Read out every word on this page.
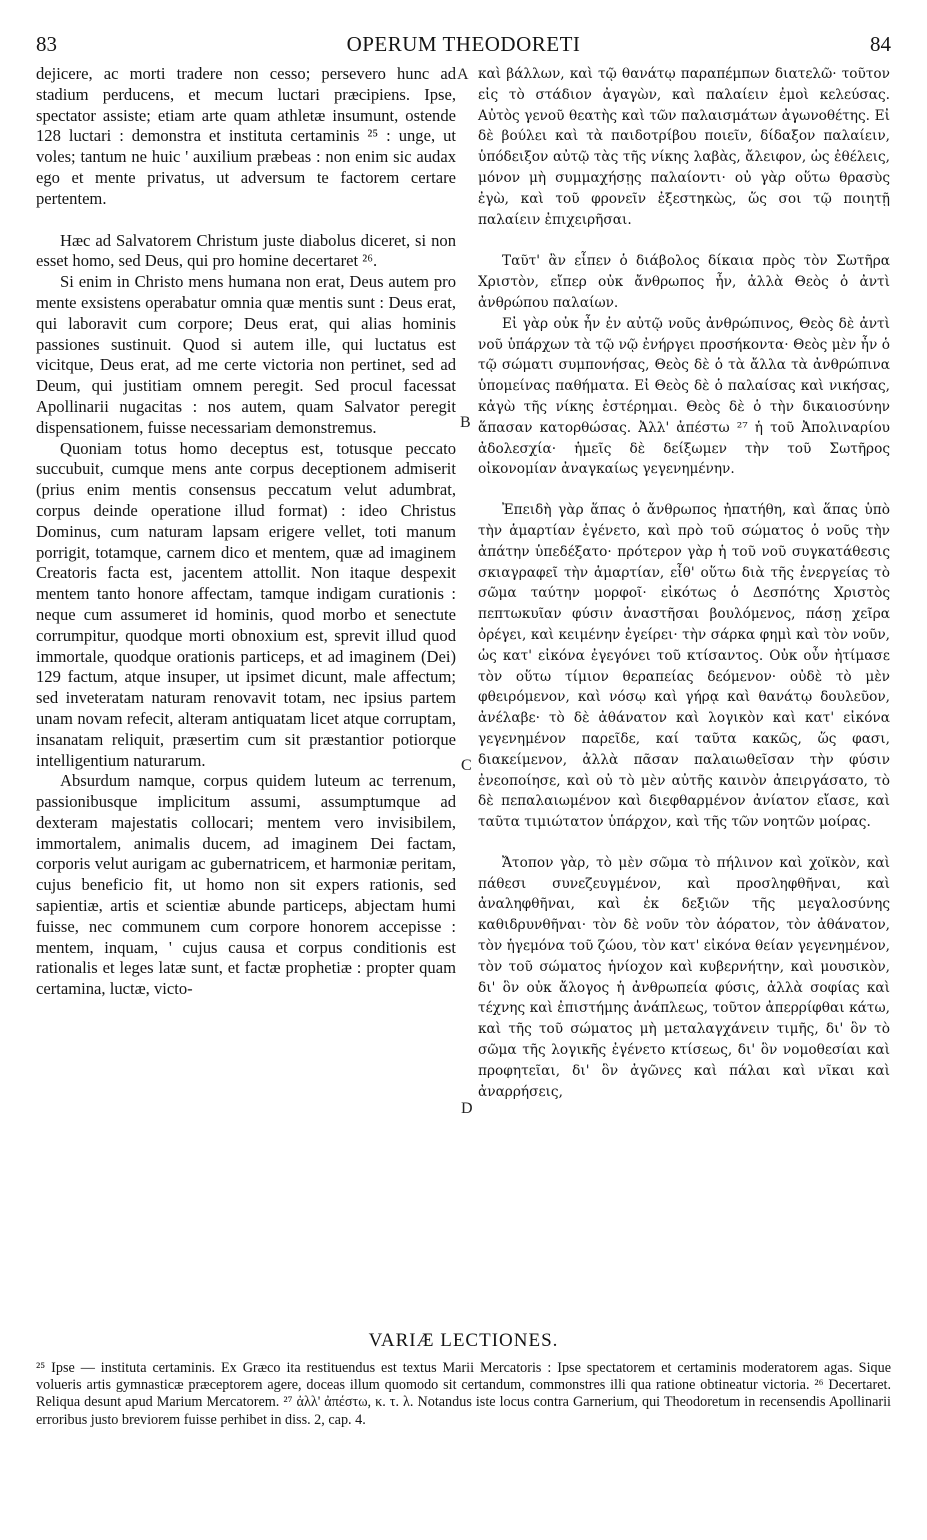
83	OPERUM THEODORETI	84

dejicere, ac morti tradere non cesso; persevero hunc ad stadium perducens, et mecum luctari præcipiens. Ipse, spectator assiste; etiam arte quam athletæ insumunt, ostende 128 luctari : demonstra et instituta certaminis ²⁵ : unge, ut voles; tantum ne huic ' auxilium præbeas : non enim sic audax ego et mente privatus, ut adversum te factorem certare pertentem.

Hæc ad Salvatorem Christum juste diabolus diceret, si non esset homo, sed Deus, qui pro homine decertaret ²⁶.

Si enim in Christo mens humana non erat, Deus autem pro mente exsistens operabatur omnia quæ mentis sunt : Deus erat, qui laboravit cum corpore; Deus erat, qui alias hominis passiones sustinuit. Quod si autem ille, qui luctatus est vicitque, Deus erat, ad me certe victoria non pertinet, sed ad Deum, qui justitiam omnem peregit. Sed procul facessat Apollinarii nugacitas : nos autem, quam Salvator peregit dispensationem, fuisse necessariam demonstremus.

Quoniam totus homo deceptus est, totusque peccato succubuit, cumque mens ante corpus deceptionem admiserit (prius enim mentis consensus peccatum velut adumbrat, corpus deinde operatione illud format) : ideo Christus Dominus, cum naturam lapsam erigere vellet, toti manum porrigit, totamque, carnem dico et mentem, quæ ad imaginem Creatoris facta est, jacentem attollit. Non itaque despexit mentem tanto honore affectam, tamque indigam curationis : neque cum assumeret id hominis, quod morbo et senectute corrumpitur, quodque morti obnoxium est, sprevit illud quod immortale, quodque orationis particeps, et ad imaginem (Dei) 129 factum, atque insuper, ut ipsimet dicunt, male affectum; sed inveteratam naturam renovavit totam, nec ipsius partem unam novam refecit, alteram antiquatam licet atque corruptam, insanatam reliquit, præsertim cum sit præstantior potiorque intelligentium naturarum.

Absurdum namque, corpus quidem luteum ac terrenum, passionibusque implicitum assumi, assumptumque ad dexteram majestatis collocari; mentem vero invisibilem, immortalem, animalis ducem, ad imaginem Dei factam, corporis velut aurigam ac gubernatricem, et harmoniæ peritam, cujus beneficio fit, ut homo non sit expers rationis, sed sapientiæ, artis et scientiæ abunde particeps, abjectam humi fuisse, nec communem cum corpore honorem accepisse : mentem, inquam, ' cujus causa et corpus conditionis est rationalis et leges latæ sunt, et factæ prophetiæ : propter quam certamina, luctæ, victo-

A
B
C
D

καὶ βάλλων, καὶ τῷ θανάτῳ παραπέμπων διατελῶ· τοῦτον εἰς τὸ στάδιον ἀγαγὼν, καὶ παλαίειν ἐμοὶ κελεύσας. Αὐτὸς γενοῦ θεατὴς καὶ τῶν παλαισμάτων ἀγωνοθέτης. Εἰ δὲ βούλει καὶ τὰ παιδοτρίβου ποιεῖν, δίδαξον παλαίειν, ὑπόδειξον αὐτῷ τὰς τῆς νίκης λαβὰς, ἄλειφον, ὡς ἐθέλεις, μόνον μὴ συμμαχήσῃς παλαίοντι· οὐ γὰρ οὕτω θρασὺς ἐγὼ, καὶ τοῦ φρονεῖν ἐξεστηκὼς, ὥς σοι τῷ ποιητῇ παλαίειν ἐπιχειρῆσαι.

Ταῦτ' ἂν εἶπεν ὁ διάβολος δίκαια πρὸς τὸν Σωτῆρα Χριστὸν, εἴπερ οὐκ ἄνθρωπος ἦν, ἀλλὰ Θεὸς ὁ ἀντὶ ἀνθρώπου παλαίων.

Εἰ γὰρ οὐκ ἦν ἐν αὐτῷ νοῦς ἀνθρώπινος, Θεὸς δὲ ἀντὶ νοῦ ὑπάρχων τὰ τῷ νῷ ἐνήργει προσήκοντα· Θεὸς μὲν ἦν ὁ τῷ σώματι συμπονήσας, Θεὸς δὲ ὁ τὰ ἄλλα τὰ ἀνθρώπινα ὑπομείνας παθήματα. Εἰ Θεὸς δὲ ὁ παλαίσας καὶ νικήσας, κἀγὼ τῆς νίκης ἐστέρημαι. Θεὸς δὲ ὁ τὴν δικαιοσύνην ἅπασαν κατορθώσας. Ἀλλ' ἀπέστω ²⁷ ἡ τοῦ Ἀπολιναρίου ἀδολεσχία· ἡμεῖς δὲ δείξωμεν τὴν τοῦ Σωτῆρος οἰκονομίαν ἀναγκαίως γεγενημένην.

Ἐπειδὴ γὰρ ἅπας ὁ ἄνθρωπος ἠπατήθη, καὶ ἅπας ὑπὸ τὴν ἁμαρτίαν ἐγένετο, καὶ πρὸ τοῦ σώματος ὁ νοῦς τὴν ἀπάτην ὑπεδέξατο· πρότερον γὰρ ἡ τοῦ νοῦ συγκατάθεσις σκιαγραφεῖ τὴν ἁμαρτίαν, εἶθ' οὕτω διὰ τῆς ἐνεργείας τὸ σῶμα ταύτην μορφοῖ· εἰκότως ὁ Δεσπότης Χριστὸς πεπτωκυῖαν φύσιν ἀναστῆσαι βουλόμενος, πάσῃ χεῖρα ὀρέγει, καὶ κειμένην ἐγείρει· τὴν σάρκα φημὶ καὶ τὸν νοῦν, ὡς κατ' εἰκόνα ἐγεγόνει τοῦ κτίσαντος. Οὐκ οὖν ἠτίμασε τὸν οὕτω τίμιον θεραπείας δεόμενον· οὐδὲ τὸ μὲν φθειρόμενον, καὶ νόσῳ καὶ γήρᾳ καὶ θανάτῳ δουλεῦον, ἀνέλαβε· τὸ δὲ ἀθάνατον καὶ λογικὸν καὶ κατ' εἰκόνα γεγενημένον παρεῖδε, καί ταῦτα κακῶς, ὥς φασι, διακείμενον, ἀλλὰ πᾶσαν παλαιωθεῖσαν τὴν φύσιν ἐνεοποίησε, καὶ οὐ τὸ μὲν αὐτῆς καινὸν ἀπειργάσατο, τὸ δὲ πεπαλαιωμένον καὶ διεφθαρμένον ἀνίατον εἴασε, καὶ ταῦτα τιμιώτατον ὑπάρχον, καὶ τῆς τῶν νοητῶν μοίρας.

Ἄτοπον γὰρ, τὸ μὲν σῶμα τὸ πήλινον καὶ χοϊκὸν, καὶ πάθεσι συνεζευγμένον, καὶ προσληφθῆναι, καὶ ἀναληφθῆναι, καὶ ἐκ δεξιῶν τῆς μεγαλοσύνης καθιδρυνθῆναι· τὸν δὲ νοῦν τὸν ἀόρατον, τὸν ἀθάνατον, τὸν ἡγεμόνα τοῦ ζώου, τὸν κατ' εἰκόνα θείαν γεγενημένον, τὸν τοῦ σώματος ἡνίοχον καὶ κυβερνήτην, καὶ μουσικὸν, δι' ὃν οὐκ ἄλογος ἡ ἀνθρωπεία φύσις, ἀλλὰ σοφίας καὶ τέχνης καὶ ἐπιστήμης ἀνάπλεως, τοῦτον ἀπερρίφθαι κάτω, καὶ τῆς τοῦ σώματος μὴ μεταλαγχάνειν τιμῆς, δι' ὃν τὸ σῶμα τῆς λογικῆς ἐγένετο κτίσεως, δι' ὃν νομοθεσίαι καὶ προφητεῖαι, δι' ὃν ἀγῶνες καὶ πάλαι καὶ νῖκαι καὶ ἀναρρήσεις,

VARIÆ LECTIONES.

²⁵ Ipse — instituta certaminis. Ex Græco ita restituendus est textus Marii Mercatoris : Ipse spectatorem et certaminis moderatorem agas. Sique volueris artis gymnasticæ præceptorem agere, doceas illum quomodo sit certandum, commonstres illi qua ratione obtineatur victoria. ²⁶ Decertaret. Reliqua desunt apud Marium Mercatorem. ²⁷ ἀλλ' ἀπέστω, κ. τ. λ. Notandus iste locus contra Garnerium, qui Theodoretum in recensendis Apollinarii erroribus justo breviorem fuisse perhibet in diss. 2, cap. 4.
